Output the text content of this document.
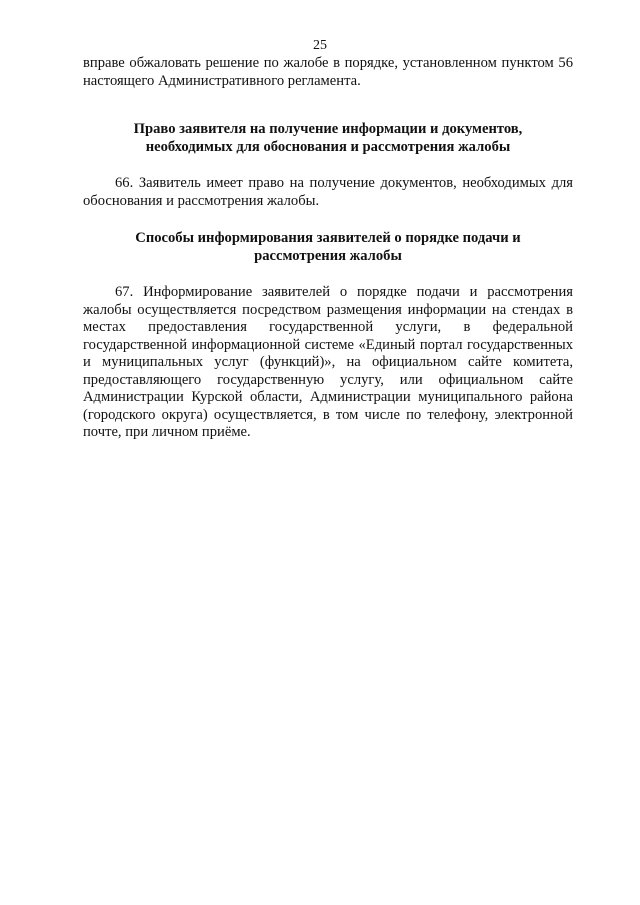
25

вправе обжаловать решение по жалобе в порядке, установленном пунктом 56 настоящего Административного регламента.

Право заявителя на получение информации и документов,
необходимых для обоснования и рассмотрения жалобы

66. Заявитель имеет право на получение документов, необходимых для обоснования и рассмотрения жалобы.

Способы информирования заявителей о порядке подачи и
рассмотрения жалобы

67. Информирование заявителей о порядке подачи и рассмотрения жалобы осуществляется посредством размещения информации на стендах в местах предоставления государственной услуги, в федеральной государственной информационной системе «Единый портал государственных и муниципальных услуг (функций)», на официальном сайте комитета, предоставляющего государственную услугу, или официальном сайте Администрации Курской области, Администрации муниципального района (городского округа) осуществляется, в том числе по телефону, электронной почте, при личном приёме.
